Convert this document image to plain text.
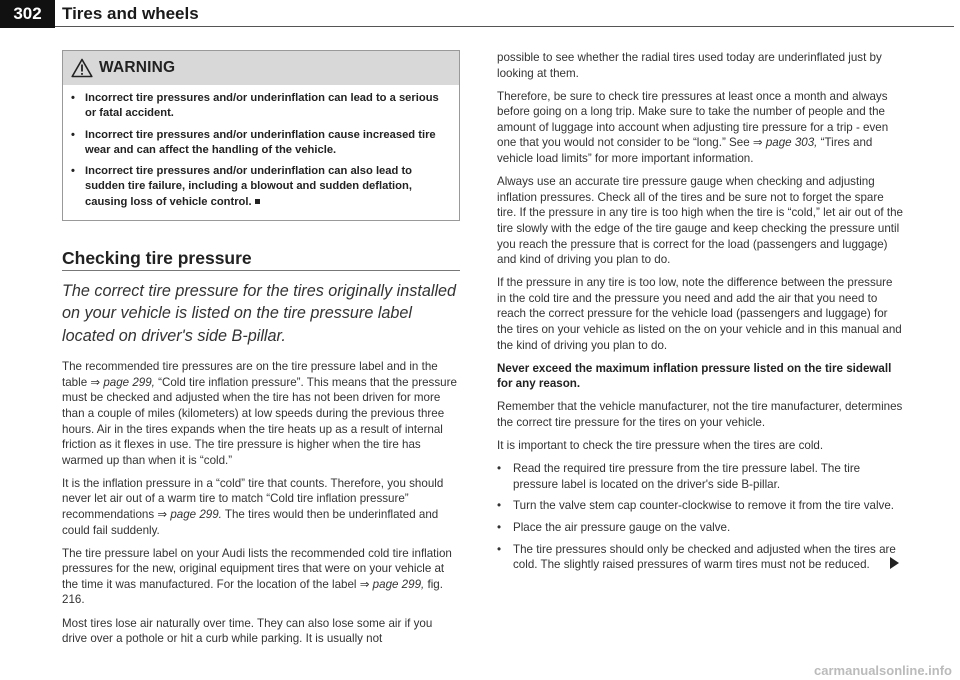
302	Tires and wheels
WARNING
• Incorrect tire pressures and/or underinflation can lead to a serious or fatal accident.
• Incorrect tire pressures and/or underinflation cause increased tire wear and can affect the handling of the vehicle.
• Incorrect tire pressures and/or underinflation can also lead to sudden tire failure, including a blowout and sudden deflation, causing loss of vehicle control.
Checking tire pressure
The correct tire pressure for the tires originally installed on your vehicle is listed on the tire pressure label located on driver's side B-pillar.

The recommended tire pressures are on the tire pressure label and in the table ⇒ page 299, “Cold tire inflation pressure”. This means that the pressure must be checked and adjusted when the tire has not been driven for more than a couple of miles (kilometers) at low speeds during the previous three hours. Air in the tires expands when the tire heats up as a result of internal friction as it flexes in use. The tire pressure is higher when the tire has warmed up than when it is “cold.”

It is the inflation pressure in a “cold” tire that counts. Therefore, you should never let air out of a warm tire to match “Cold tire inflation pressure” recommendations ⇒ page 299. The tires would then be underinflated and could fail suddenly.

The tire pressure label on your Audi lists the recommended cold tire inflation pressures for the new, original equipment tires that were on your vehicle at the time it was manufactured. For the location of the label ⇒ page 299, fig. 216.

Most tires lose air naturally over time. They can also lose some air if you drive over a pothole or hit a curb while parking. It is usually not

possible to see whether the radial tires used today are underinflated just by looking at them.

Therefore, be sure to check tire pressures at least once a month and always before going on a long trip. Make sure to take the number of people and the amount of luggage into account when adjusting tire pressure for a trip - even one that you would not consider to be “long.” See ⇒ page 303, “Tires and vehicle load limits” for more important information.

Always use an accurate tire pressure gauge when checking and adjusting inflation pressures. Check all of the tires and be sure not to forget the spare tire. If the pressure in any tire is too high when the tire is “cold,” let air out of the tire slowly with the edge of the tire gauge and keep checking the pressure until you reach the pressure that is correct for the load (passengers and luggage) and kind of driving you plan to do.

If the pressure in any tire is too low, note the difference between the pressure in the cold tire and the pressure you need and add the air that you need to reach the correct pressure for the vehicle load (passengers and luggage) for the tires on your vehicle as listed on the on your vehicle and in this manual and the kind of driving you plan to do.

Never exceed the maximum inflation pressure listed on the tire sidewall for any reason.

Remember that the vehicle manufacturer, not the tire manufacturer, determines the correct tire pressure for the tires on your vehicle.

It is important to check the tire pressure when the tires are cold.

•	Read the required tire pressure from the tire pressure label. The tire pressure label is located on the driver's side B-pillar.
•	Turn the valve stem cap counter-clockwise to remove it from the tire valve.
•	Place the air pressure gauge on the valve.
•	The tire pressures should only be checked and adjusted when the tires are cold. The slightly raised pressures of warm tires must not be reduced.
carmanualsonline.info
